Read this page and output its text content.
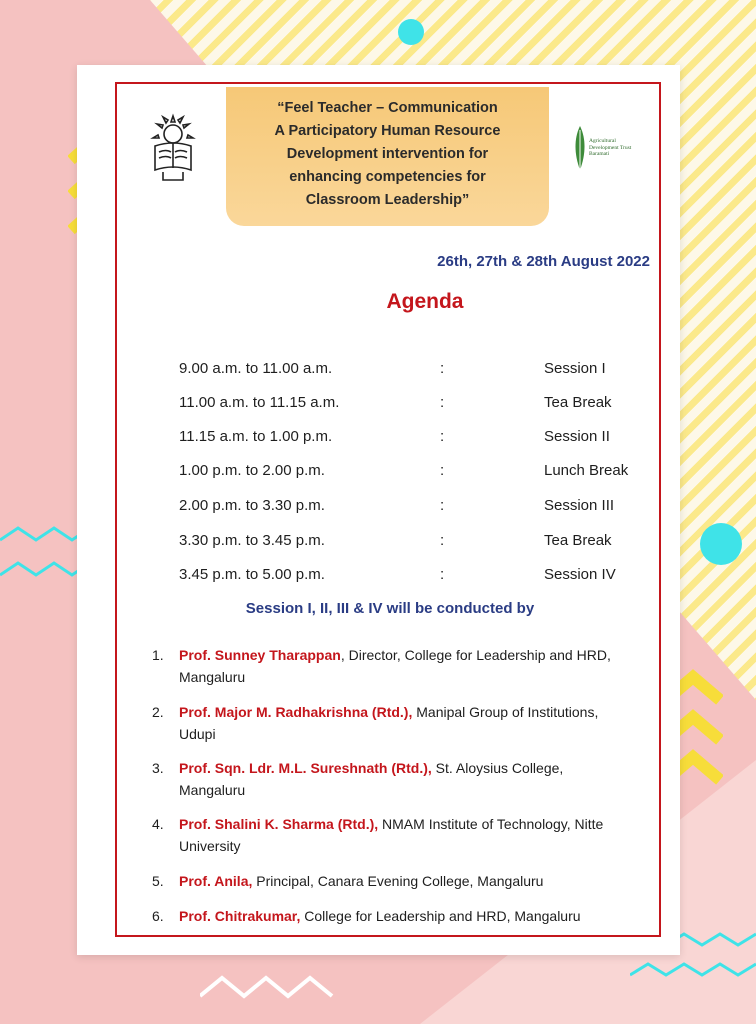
Agricultural
Development Trust
Baramati
“Feel Teacher – Communication
A Participatory Human Resource
Development intervention for
enhancing competencies for
Classroom Leadership”
26th, 27th & 28th August 2022
Agenda
9.00 a.m. to 11.00 a.m.	:	Session I
11.00 a.m. to 11.15 a.m.	:	Tea Break
11.15 a.m. to 1.00 p.m.	:	Session II
1.00 p.m. to 2.00 p.m.	:	Lunch Break
2.00 p.m. to 3.30 p.m.	:	Session III
3.30 p.m. to 3.45 p.m.	:	Tea Break
3.45 p.m. to 5.00 p.m.	:	Session IV
Session I, II, III & IV will be conducted by
1. Prof. Sunney Tharappan, Director, College for Leadership and HRD, Mangaluru
2. Prof. Major M. Radhakrishna (Rtd.), Manipal Group of Institutions, Udupi
3. Prof. Sqn. Ldr. M.L. Sureshnath (Rtd.), St. Aloysius College, Mangaluru
4. Prof. Shalini K. Sharma (Rtd.), NMAM Institute of Technology, Nitte University
5. Prof. Anila, Principal, Canara Evening College, Mangaluru
6. Prof. Chitrakumar, College for Leadership and HRD, Mangaluru
